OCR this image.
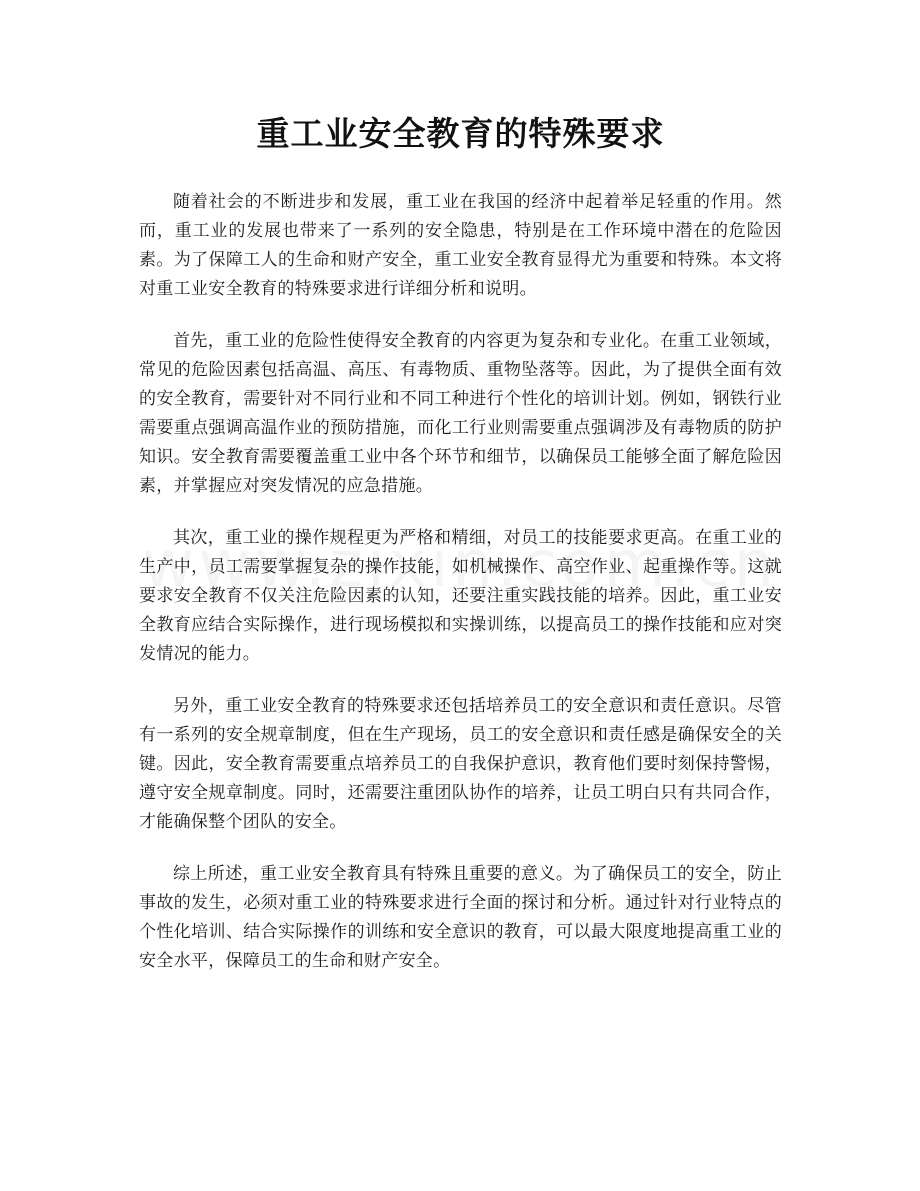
重工业安全教育的特殊要求

随着社会的不断进步和发展，重工业在我国的经济中起着举足轻重的作用。然而，重工业的发展也带来了一系列的安全隐患，特别是在工作环境中潜在的危险因素。为了保障工人的生命和财产安全，重工业安全教育显得尤为重要和特殊。本文将对重工业安全教育的特殊要求进行详细分析和说明。

首先，重工业的危险性使得安全教育的内容更为复杂和专业化。在重工业领域，常见的危险因素包括高温、高压、有毒物质、重物坠落等。因此，为了提供全面有效的安全教育，需要针对不同行业和不同工种进行个性化的培训计划。例如，钢铁行业需要重点强调高温作业的预防措施，而化工行业则需要重点强调涉及有毒物质的防护知识。安全教育需要覆盖重工业中各个环节和细节，以确保员工能够全面了解危险因素，并掌握应对突发情况的应急措施。

其次，重工业的操作规程更为严格和精细，对员工的技能要求更高。在重工业的生产中，员工需要掌握复杂的操作技能，如机械操作、高空作业、起重操作等。这就要求安全教育不仅关注危险因素的认知，还要注重实践技能的培养。因此，重工业安全教育应结合实际操作，进行现场模拟和实操训练，以提高员工的操作技能和应对突发情况的能力。

另外，重工业安全教育的特殊要求还包括培养员工的安全意识和责任意识。尽管有一系列的安全规章制度，但在生产现场，员工的安全意识和责任感是确保安全的关键。因此，安全教育需要重点培养员工的自我保护意识，教育他们要时刻保持警惕，遵守安全规章制度。同时，还需要注重团队协作的培养，让员工明白只有共同合作，才能确保整个团队的安全。

综上所述，重工业安全教育具有特殊且重要的意义。为了确保员工的安全，防止事故的发生，必须对重工业的特殊要求进行全面的探讨和分析。通过针对行业特点的个性化培训、结合实际操作的训练和安全意识的教育，可以最大限度地提高重工业的安全水平，保障员工的生命和财产安全。
